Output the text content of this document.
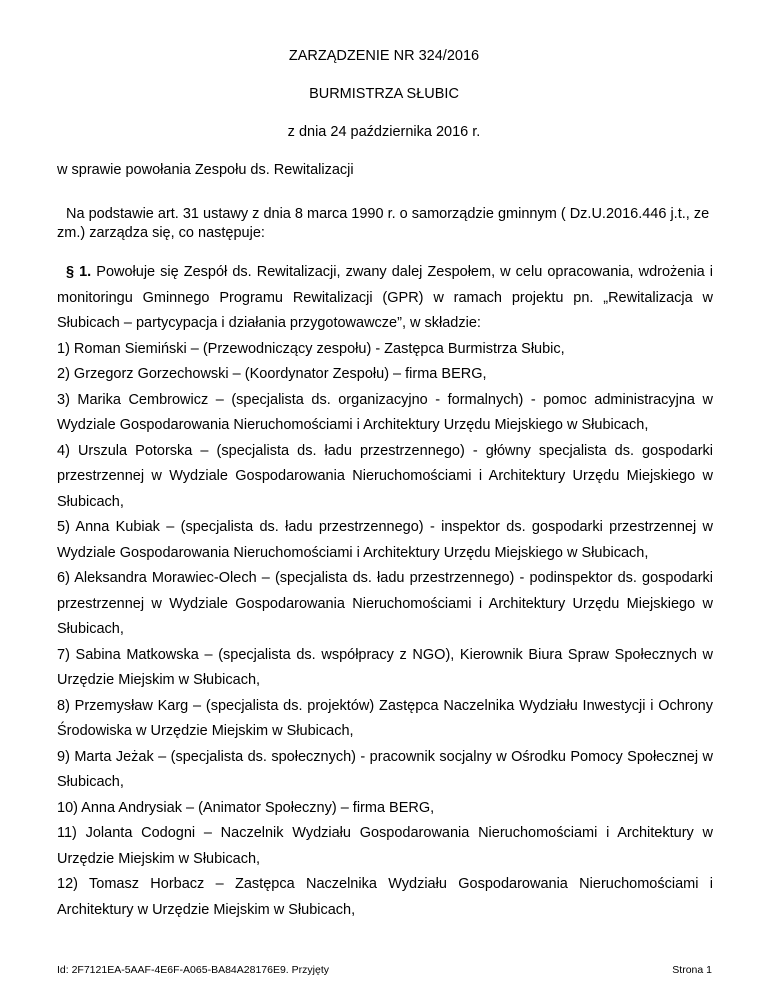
ZARZĄDZENIE NR 324/2016
BURMISTRZA SŁUBIC
z dnia 24 października 2016 r.
w sprawie powołania Zespołu ds. Rewitalizacji
Na podstawie art. 31 ustawy z dnia 8 marca 1990 r. o samorządzie gminnym ( Dz.U.2016.446 j.t., ze zm.) zarządza się, co następuje:

§ 1. Powołuje się Zespół ds. Rewitalizacji, zwany dalej Zespołem, w celu opracowania, wdrożenia i monitoringu Gminnego Programu Rewitalizacji (GPR) w ramach projektu pn. „Rewitalizacja w Słubicach – partycypacja i działania przygotowawcze”, w składzie:

1) Roman Siemiński – (Przewodniczący zespołu) - Zastępca Burmistrza Słubic,

2) Grzegorz Gorzechowski – (Koordynator Zespołu) – firma BERG,

3) Marika Cembrowicz – (specjalista ds. organizacyjno - formalnych) - pomoc administracyjna w Wydziale Gospodarowania Nieruchomościami i Architektury Urzędu Miejskiego w Słubicach,

4) Urszula Potorska – (specjalista ds. ładu przestrzennego) - główny specjalista ds. gospodarki przestrzennej w Wydziale Gospodarowania Nieruchomościami i Architektury Urzędu Miejskiego w Słubicach,

5) Anna Kubiak – (specjalista ds. ładu przestrzennego) - inspektor ds. gospodarki przestrzennej w Wydziale Gospodarowania Nieruchomościami i Architektury Urzędu Miejskiego w Słubicach,

6) Aleksandra Morawiec-Olech – (specjalista ds. ładu przestrzennego) - podinspektor ds. gospodarki przestrzennej w Wydziale Gospodarowania Nieruchomościami i Architektury Urzędu Miejskiego w Słubicach,

7) Sabina Matkowska – (specjalista ds. współpracy z NGO), Kierownik Biura Spraw Społecznych w Urzędzie Miejskim w Słubicach,

8) Przemysław Karg – (specjalista ds. projektów) Zastępca Naczelnika Wydziału Inwestycji i Ochrony Środowiska w Urzędzie Miejskim w Słubicach,

9) Marta Jeżak – (specjalista ds. społecznych) - pracownik socjalny w Ośrodku Pomocy Społecznej w Słubicach,

10) Anna Andrysiak – (Animator Społeczny) – firma BERG,

11) Jolanta Codogni – Naczelnik Wydziału Gospodarowania Nieruchomościami i Architektury w Urzędzie Miejskim w Słubicach,

12) Tomasz Horbacz – Zastępca Naczelnika Wydziału Gospodarowania Nieruchomościami i Architektury w Urzędzie Miejskim w Słubicach,

Id: 2F7121EA-5AAF-4E6F-A065-BA84A28176E9. Przyjęty	Strona 1
